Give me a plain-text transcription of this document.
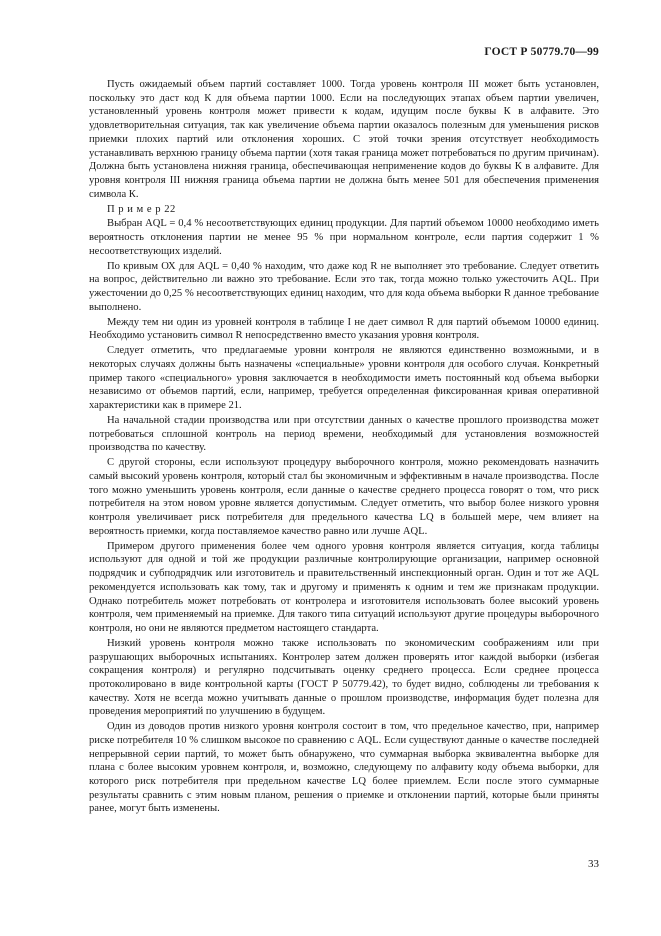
ГОСТ Р 50779.70—99

Пусть ожидаемый объем партий составляет 1000. Тогда уровень контроля III может быть установлен, поскольку это даст код К для объема партии 1000. Если на последующих этапах объем партии увеличен, установленный уровень контроля может привести к кодам, идущим после буквы К в алфавите. Это удовлетворительная ситуация, так как увеличение объема партии оказалось полезным для уменьшения рисков приемки плохих партий или отклонения хороших. С этой точки зрения отсутствует необходимость устанавливать верхнюю границу объема партии (хотя такая граница может потребоваться по другим причинам). Должна быть установлена нижняя граница, обеспечивающая неприменение кодов до буквы К в алфавите. Для уровня контроля III нижняя граница объема партии не должна быть менее 501 для обеспечения применения символа К.

П р и м е р 22

Выбран AQL = 0,4 % несоответствующих единиц продукции. Для партий объемом 10000 необходимо иметь вероятность отклонения партии не менее 95 % при нормальном контроле, если партия содержит 1 % несоответствующих изделий.

По кривым ОХ для AQL = 0,40 % находим, что даже код R не выполняет это требование. Следует ответить на вопрос, действительно ли важно это требование. Если это так, тогда можно только ужесточить AQL. При ужесточении до 0,25 % несоответствующих единиц находим, что для кода объема выборки R данное требование выполнено.

Между тем ни один из уровней контроля в таблице I не дает символ R для партий объемом 10000 единиц. Необходимо установить символ R непосредственно вместо указания уровня контроля.

Следует отметить, что предлагаемые уровни контроля не являются единственно возможными, и в некоторых случаях должны быть назначены «специальные» уровни контроля для особого случая. Конкретный пример такого «специального» уровня заключается в необходимости иметь постоянный код объема выборки независимо от объемов партий, если, например, требуется определенная фиксированная кривая оперативной характеристики как в примере 21.

На начальной стадии производства или при отсутствии данных о качестве прошлого производства может потребоваться сплошной контроль на период времени, необходимый для установления возможностей производства по качеству.

С другой стороны, если используют процедуру выборочного контроля, можно рекомендовать назначить самый высокий уровень контроля, который стал бы экономичным и эффективным в начале производства. После того можно уменьшить уровень контроля, если данные о качестве среднего процесса говорят о том, что риск потребителя на этом новом уровне является допустимым. Следует отметить, что выбор более низкого уровня контроля увеличивает риск потребителя для предельного качества LQ в большей мере, чем влияет на вероятность приемки, когда поставляемое качество равно или лучше AQL.

Примером другого применения более чем одного уровня контроля является ситуация, когда таблицы используют для одной и той же продукции различные контролирующие организации, например основной подрядчик и субподрядчик или изготовитель и правительственный инспекционный орган. Один и тот же AQL рекомендуется использовать как тому, так и другому и применять к одним и тем же признакам продукции. Однако потребитель может потребовать от контролера и изготовителя использовать более высокий уровень контроля, чем применяемый на приемке. Для такого типа ситуаций используют другие процедуры выборочного контроля, но они не являются предметом настоящего стандарта.

Низкий уровень контроля можно также использовать по экономическим соображениям или при разрушающих выборочных испытаниях. Контролер затем должен проверять итог каждой выборки (избегая сокращения контроля) и регулярно подсчитывать оценку среднего процесса. Если среднее процесса протоколировано в виде контрольной карты (ГОСТ Р 50779.42), то будет видно, соблюдены ли требования к качеству. Хотя не всегда можно учитывать данные о прошлом производстве, информация будет полезна для проведения мероприятий по улучшению в будущем.

Один из доводов против низкого уровня контроля состоит в том, что предельное качество, при, например риске потребителя 10 % слишком высокое по сравнению с AQL. Если существуют данные о качестве последней непрерывной серии партий, то может быть обнаружено, что суммарная выборка эквивалентна выборке для плана с более высоким уровнем контроля, и, возможно, следующему по алфавиту коду объема выборки, для которого риск потребителя при предельном качестве LQ более приемлем. Если после этого суммарные результаты сравнить с этим новым планом, решения о приемке и отклонении партий, которые были приняты ранее, могут быть изменены.

33
